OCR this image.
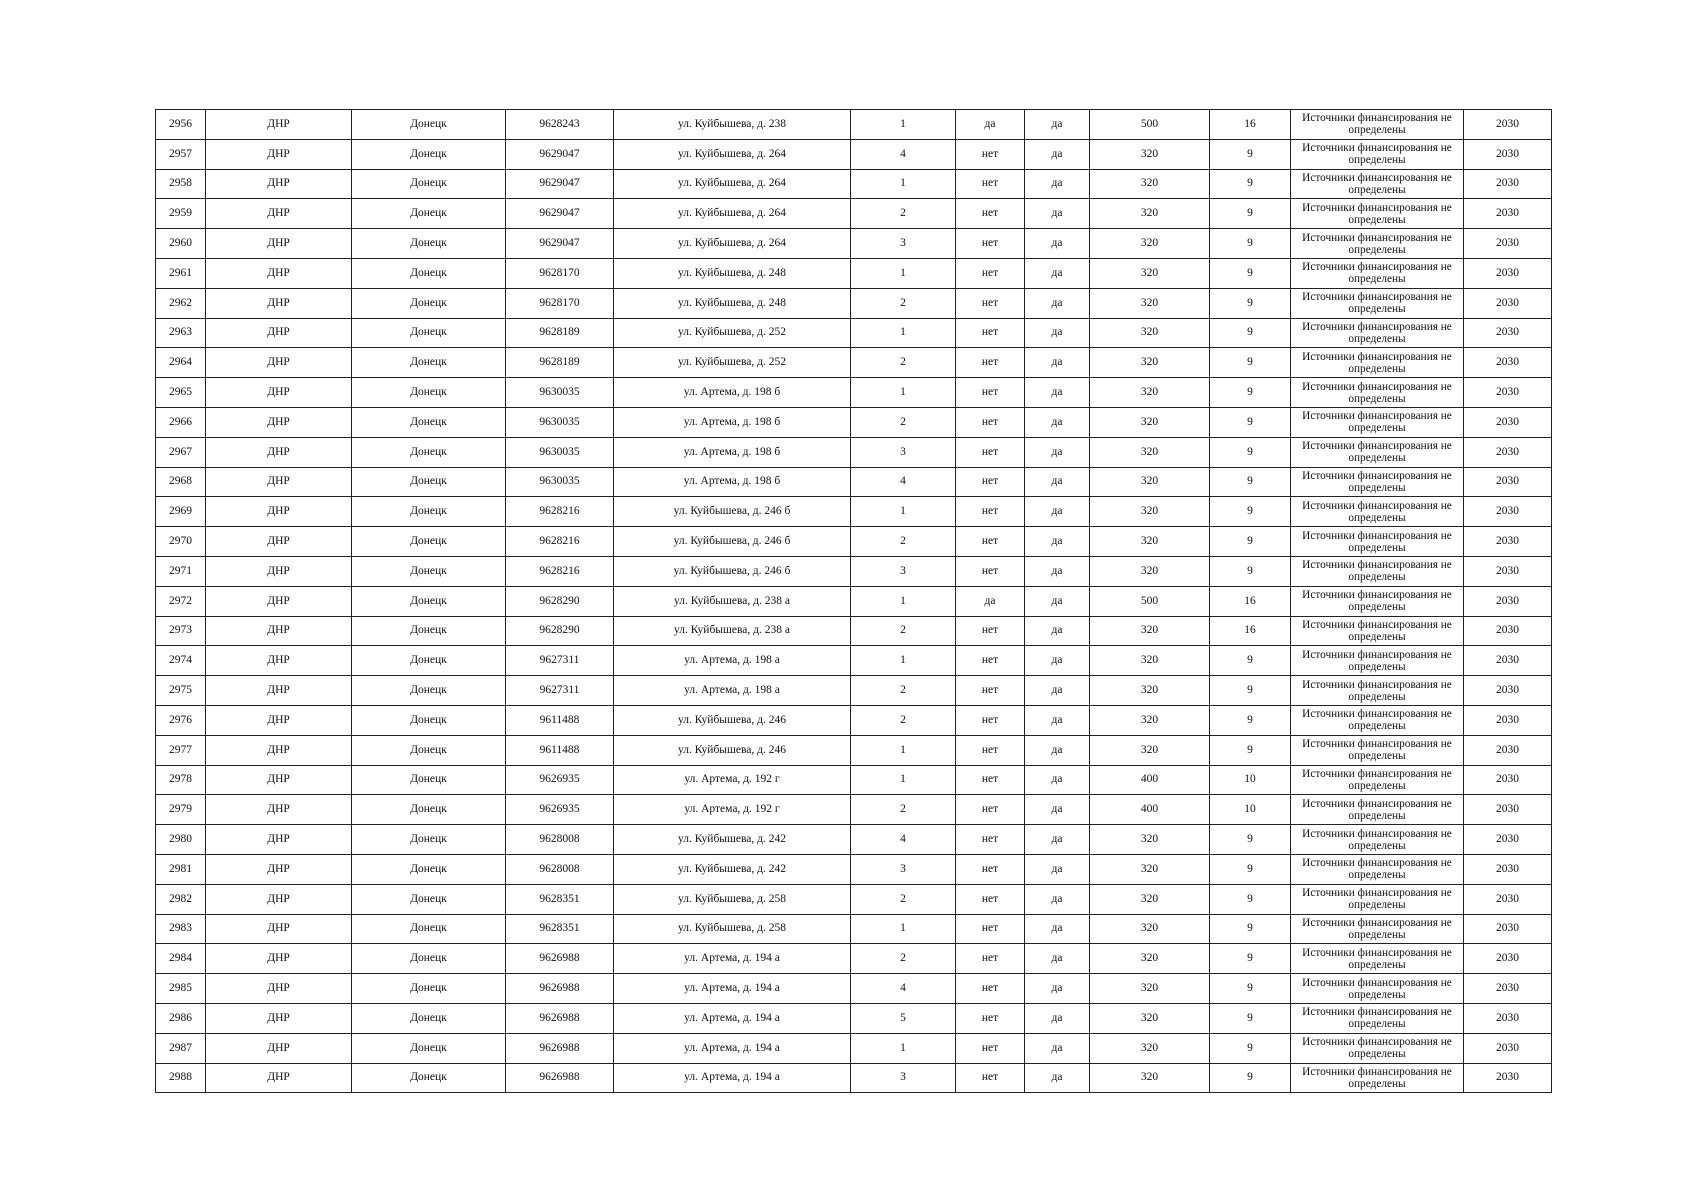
2956	ДНР	Донецк	9628243	ул. Куйбышева, д. 238	1	да	да	500	16	Источники финансирования не определены	2030
2957	ДНР	Донецк	9629047	ул. Куйбышева, д. 264	4	нет	да	320	9	Источники финансирования не определены	2030
2958	ДНР	Донецк	9629047	ул. Куйбышева, д. 264	1	нет	да	320	9	Источники финансирования не определены	2030
2959	ДНР	Донецк	9629047	ул. Куйбышева, д. 264	2	нет	да	320	9	Источники финансирования не определены	2030
2960	ДНР	Донецк	9629047	ул. Куйбышева, д. 264	3	нет	да	320	9	Источники финансирования не определены	2030
2961	ДНР	Донецк	9628170	ул. Куйбышева, д. 248	1	нет	да	320	9	Источники финансирования не определены	2030
2962	ДНР	Донецк	9628170	ул. Куйбышева, д. 248	2	нет	да	320	9	Источники финансирования не определены	2030
2963	ДНР	Донецк	9628189	ул. Куйбышева, д. 252	1	нет	да	320	9	Источники финансирования не определены	2030
2964	ДНР	Донецк	9628189	ул. Куйбышева, д. 252	2	нет	да	320	9	Источники финансирования не определены	2030
2965	ДНР	Донецк	9630035	ул. Артема, д. 198 б	1	нет	да	320	9	Источники финансирования не определены	2030
2966	ДНР	Донецк	9630035	ул. Артема, д. 198 б	2	нет	да	320	9	Источники финансирования не определены	2030
2967	ДНР	Донецк	9630035	ул. Артема, д. 198 б	3	нет	да	320	9	Источники финансирования не определены	2030
2968	ДНР	Донецк	9630035	ул. Артема, д. 198 б	4	нет	да	320	9	Источники финансирования не определены	2030
2969	ДНР	Донецк	9628216	ул. Куйбышева, д. 246 б	1	нет	да	320	9	Источники финансирования не определены	2030
2970	ДНР	Донецк	9628216	ул. Куйбышева, д. 246 б	2	нет	да	320	9	Источники финансирования не определены	2030
2971	ДНР	Донецк	9628216	ул. Куйбышева, д. 246 б	3	нет	да	320	9	Источники финансирования не определены	2030
2972	ДНР	Донецк	9628290	ул. Куйбышева, д. 238 а	1	да	да	500	16	Источники финансирования не определены	2030
2973	ДНР	Донецк	9628290	ул. Куйбышева, д. 238 а	2	нет	да	320	16	Источники финансирования не определены	2030
2974	ДНР	Донецк	9627311	ул. Артема, д. 198 а	1	нет	да	320	9	Источники финансирования не определены	2030
2975	ДНР	Донецк	9627311	ул. Артема, д. 198 а	2	нет	да	320	9	Источники финансирования не определены	2030
2976	ДНР	Донецк	9611488	ул. Куйбышева, д. 246	2	нет	да	320	9	Источники финансирования не определены	2030
2977	ДНР	Донецк	9611488	ул. Куйбышева, д. 246	1	нет	да	320	9	Источники финансирования не определены	2030
2978	ДНР	Донецк	9626935	ул. Артема, д. 192 г	1	нет	да	400	10	Источники финансирования не определены	2030
2979	ДНР	Донецк	9626935	ул. Артема, д. 192 г	2	нет	да	400	10	Источники финансирования не определены	2030
2980	ДНР	Донецк	9628008	ул. Куйбышева, д. 242	4	нет	да	320	9	Источники финансирования не определены	2030
2981	ДНР	Донецк	9628008	ул. Куйбышева, д. 242	3	нет	да	320	9	Источники финансирования не определены	2030
2982	ДНР	Донецк	9628351	ул. Куйбышева, д. 258	2	нет	да	320	9	Источники финансирования не определены	2030
2983	ДНР	Донецк	9628351	ул. Куйбышева, д. 258	1	нет	да	320	9	Источники финансирования не определены	2030
2984	ДНР	Донецк	9626988	ул. Артема, д. 194 а	2	нет	да	320	9	Источники финансирования не определены	2030
2985	ДНР	Донецк	9626988	ул. Артема, д. 194 а	4	нет	да	320	9	Источники финансирования не определены	2030
2986	ДНР	Донецк	9626988	ул. Артема, д. 194 а	5	нет	да	320	9	Источники финансирования не определены	2030
2987	ДНР	Донецк	9626988	ул. Артема, д. 194 а	1	нет	да	320	9	Источники финансирования не определены	2030
2988	ДНР	Донецк	9626988	ул. Артема, д. 194 а	3	нет	да	320	9	Источники финансирования не определены	2030
